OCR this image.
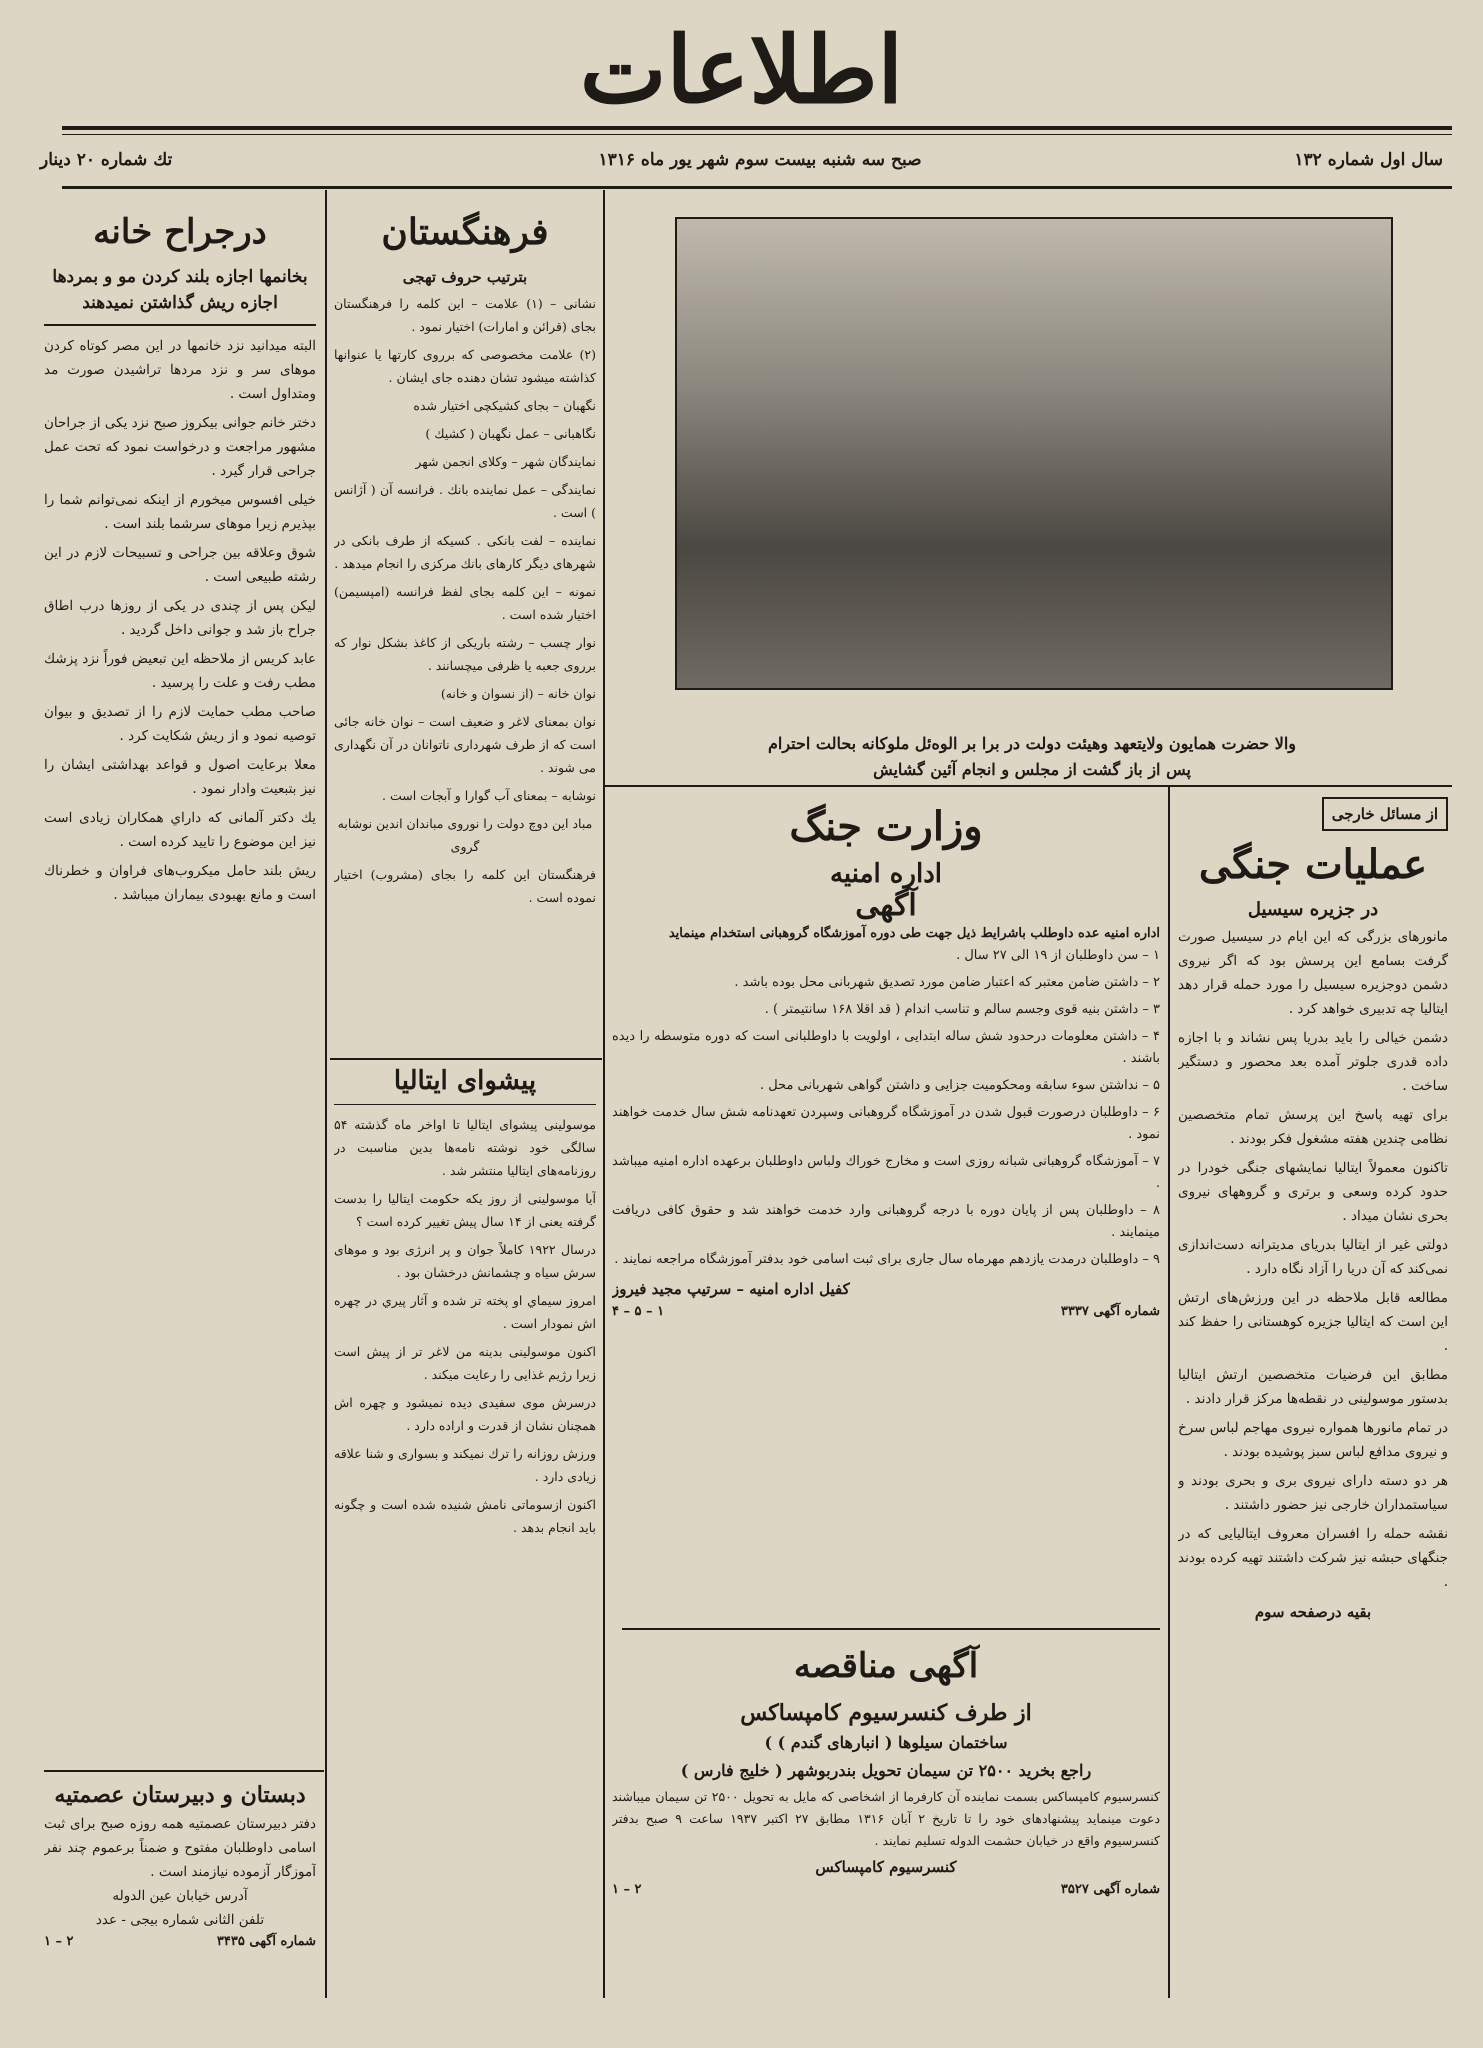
اطلاعات
سال اول شماره ۱۳۲
صبح سه شنبه بیست سوم شهر یور ماه ۱۳۱۶
تك شماره ۲۰ دينار
والا حضرت همایون ولایتعهد وهیئت دولت در برا بر الوه‌ئل ملوکانه بحالت احترام
پس از باز گشت از مجلس و انجام آئین گشایش
درجراح خانه
بخانمها اجازه بلند کردن مو و بمردها اجازه ریش گذاشتن نمیدهند

البته میدانید نزد خانمها در این مصر کوتاه کردن موهای سر و نزد مردها تراشیدن صورت مد ومتداول است .

دختر خانم جوانی بیکروز صبح نزد یکی از جراحان مشهور مراجعت و درخواست نمود که تحت عمل جراحی قرار گیرد .

خیلی افسوس میخورم از اینکه نمی‌توانم شما را بپذیرم زیرا موهای سرشما بلند است .

شوق وعلاقه بین جراحی و تسبیحات لازم در این رشته طبیعی است .

لیکن پس از چندی در یکی از روزها درب اطاق جراح باز شد و جوانی داخل گردید .

عابد کریس از ملاحظه این تبعیض فوراً نزد پزشك مطب رفت و علت را پرسید .

صاحب مطب حمایت لازم را از تصدیق و بیوان توصیه نمود و از ریش شکایت کرد .

معلا برعایت اصول و قواعد بهداشتی ایشان را نیز بتبعیت وادار نمود .

یك دكتر آلمانی كه داراي همکاران زیادی است نیز این موضوع را تایید کرده است .

ریش بلند حامل میکروب‌های فراوان و خطرناك است و مانع بهبودی بیماران میباشد .

دبستان و دبیرستان عصمتیه
دفتر دبیرستان عصمتیه همه روزه صبح برای ثبت اسامی داوطلبان مفتوح و ضمناً برعموم چند نفر آموزگار آزموده نیازمند است .
آدرس خیابان عین الدوله
تلفن الثانی شماره بیجی - عدد
شماره آگهی ۳۴۳۵
۲ – ۱
فرهنگستان
بترتیب حروف تهجی

نشانی – (۱) علامت – این کلمه را فرهنگستان بجای (قرائن و امارات) اختیار نمود .

(۲) علامت مخصوصی که برروی کارتها یا عنوانها کذاشته میشود تشان دهنده جای ایشان .

نگهبان – بجای کشیکچی اختیار شده

نگاهبانی – عمل نگهبان ( کشیك )

نمایندگان شهر – وکلای انجمن شهر

نمایندگی – عمل نماینده بانك . فرانسه آن ( آژانس ) است .

نماینده – لفت بانکی . کسیکه از طرف بانکی در شهرهای دیگر کارهای بانك مرکزی را انجام میدهد .

نمونه – این کلمه بجای لفظ فرانسه (امپسیمن) اختیار شده است .

نوار چسب – رشته باریکی از کاغذ بشکل نوار که برروی جعبه یا ظرفی میچسانند .

نوان خانه – (از نسوان و خانه)

نوان بمعنای لاغر و ضعیف است – نوان خانه جائی است که از طرف شهرداری ناتوانان در آن نگهداری می شوند .

نوشابه – بمعنای آب گوارا و آبجات است .

مباد این دوچ دولت را نوروی مباندان اندین نوشابه گروی

فرهنگستان این کلمه را بجای (مشروب) اختیار نموده است .

پیشوای ایتالیا

موسولینی پیشوای ایتالیا تا اواخر ماه گذشته ۵۴ سالگی خود نوشته نامه‌ها بدین مناسبت در روزنامه‌های ایتالیا منتشر شد .

آیا موسولینی از روز یکه حکومت ایتالیا را بدست گرفته یعنی از ۱۴ سال پیش تغییر کرده است ؟

درسال ۱۹۲۲ کاملاً جوان و پر انرژی بود و موهای سرش سیاه و چشمانش درخشان بود .

امروز سیماي او پخته تر شده و آثار پیري در چهره اش نمودار است .

اکنون موسولینی بدینه من لاغر تر از پیش است زیرا رژیم غذایی را رعایت میکند .

درسرش موی سفیدی دیده نمیشود و چهره اش همچنان نشان از قدرت و اراده دارد .

ورزش روزانه را ترك نمیكند و بسواری و شنا علاقه زیادی دارد .

اکنون ازسوماتی نامش شنیده شده است و چگونه باید انجام بدهد .

از مسائل خارجی
عملیات جنگی
در جزیره سیسیل

مانورهای بزرگی که این ایام در سیسیل صورت گرفت بسامع این پرسش بود که اگر نیروی دشمن دوجزیره سیسیل را مورد حمله قرار دهد ایتالیا چه تدبیری خواهد کرد .

دشمن خیالی را باید بدریا پس نشاند و با اجازه داده قدری جلوتر آمده بعد محصور و دستگیر ساخت .

برای تهیه پاسخ این پرسش تمام متخصصین نظامی چندین هفته مشغول فکر بودند .

تاکنون معمولاً ایتالیا نمایشهای جنگی خودرا در حدود کرده وسعی و برتری و گروههای نیروی بحری نشان میداد .

دولتی غیر از ایتالیا بدریای مدیترانه دست‌اندازی نمی‌کند که آن دریا را آزاد نگاه دارد .

مطالعه قابل ملاحظه در این ورزش‌های ارتش این است که ایتالیا جزیره کوهستانی را حفظ کند .

مطابق این فرضیات متخصصین ارتش ایتالیا بدستور موسولینی در نقطه‌ها مرکز قرار دادند .

در تمام مانورها همواره نیروی مهاجم لباس سرخ و نیروی مدافع لباس سبز پوشیده بودند .

هر دو دسته دارای نیروی بری و بحری بودند و سیاستمداران خارجی نیز حضور داشتند .

نقشه حمله را افسران معروف ایتالیایی که در جنگهای حبشه نیز شرکت داشتند تهیه کرده بودند .

بقیه درصفحه سوم
وزارت جنگ
اداره امنیه
آگهی
اداره امنیه عده‌ داوطلب باشرایط ذیل جهت طی دوره آموزشگاه گروهبانی استخدام مینماید

۱ – سن داوطلبان از ۱۹ الی ۲۷ سال .

۲ – داشتن ضامن معتبر که اعتبار ضامن مورد تصدیق شهربانی محل بوده باشد .

۳ – داشتن بنیه قوی وجسم سالم و تناسب اندام ( قد اقلا ۱۶۸ سانتیمتر ) .

۴ – داشتن معلومات درحدود شش ساله ابتدایی ، اولویت با داوطلبانی است که دوره متوسطه را دیده باشند .

۵ – نداشتن سوء سابقه ومحکومیت جزایی و داشتن گواهی شهربانی محل .

۶ – داوطلبان درصورت قبول شدن در آموزشگاه گروهبانی وسپردن تعهدنامه شش سال خدمت خواهند نمود .

۷ – آموزشگاه گروهبانی شبانه روزی است و مخارج خوراك ولباس داوطلبان برعهده اداره امنیه میباشد .

۸ – داوطلبان پس از پایان دوره با درجه گروهبانی وارد خدمت خواهند شد و حقوق کافی دریافت مینمایند .

۹ – داوطلبان درمدت یازدهم مهرماه سال جاری برای ثبت اسامی خود بدفتر آموزشگاه مراجعه نمایند .

کفیل اداره امنیه – سرتیپ مجید فیروز
شماره آگهی ۳۳۳۷
۱ – ۵ – ۴
آگهی مناقصه
از طرف کنسرسیوم کامپساکس
( ساختمان سیلوها ( انبارهای گندم )
راجع بخرید ۲۵۰۰ تن سیمان تحویل بندربوشهر ( خلیج فارس )
کنسرسیوم کامپساکس بسمت نماینده آن کارفرما از اشخاصی که مایل به تحویل ۲۵۰۰ تن سیمان میباشند دعوت مینماید پیشنهادهای خود را تا تاریخ ۲ آبان ۱۳۱۶ مطابق ۲۷ اکتبر ۱۹۳۷ ساعت ۹ صبح بدفتر کنسرسیوم واقع در خیابان حشمت الدوله تسلیم نمایند .
کنسرسیوم کامپساکس
شماره آگهی ۳۵۲۷
۲ – ۱
